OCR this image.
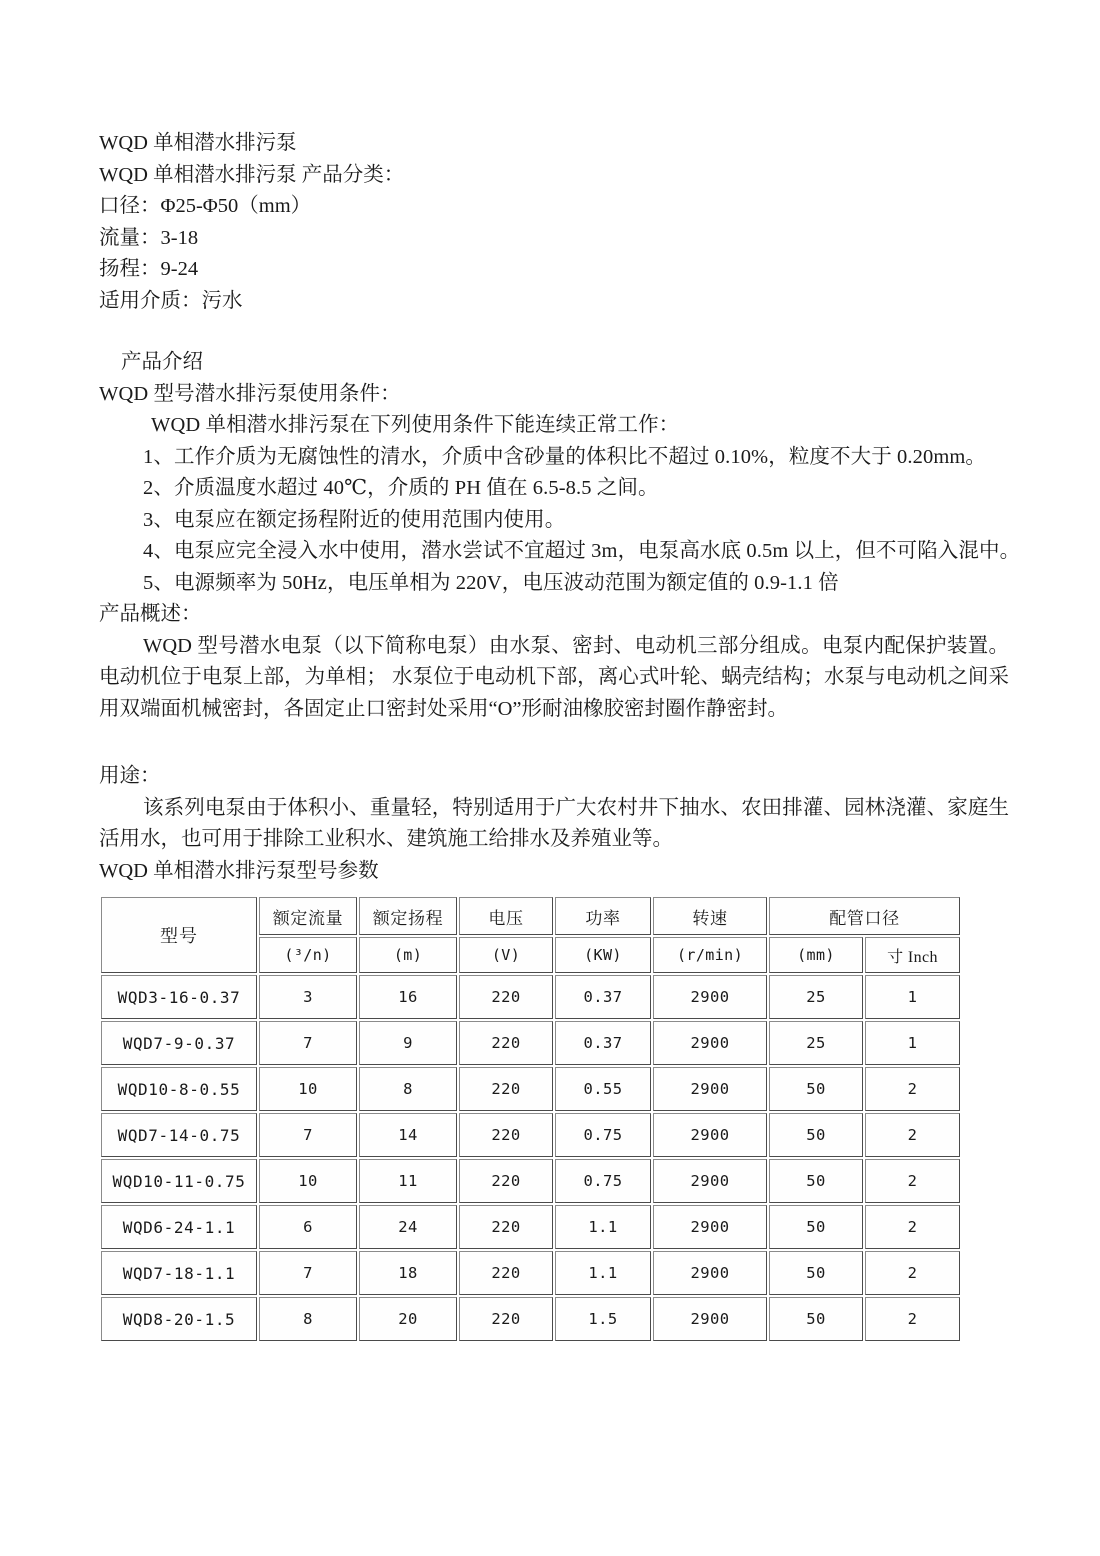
WQD 单相潜水排污泵
WQD 单相潜水排污泵 产品分类：
口径：Φ25-Φ50（mm）
流量：3-18
扬程：9-24
适用介质：污水
产品介绍
WQD 型号潜水排污泵使用条件：
WQD 单相潜水排污泵在下列使用条件下能连续正常工作：
1、工作介质为无腐蚀性的清水，介质中含砂量的体积比不超过 0.10%，粒度不大于 0.20mm。
2、介质温度水超过 40℃，介质的 PH 值在 6.5-8.5 之间。
3、电泵应在额定扬程附近的使用范围内使用。
4、电泵应完全浸入水中使用，潜水尝试不宜超过 3m，电泵高水底 0.5m 以上，但不可陷入混中。
5、电源频率为 50Hz，电压单相为 220V，电压波动范围为额定值的 0.9-1.1 倍
产品概述：

WQD 型号潜水电泵（以下简称电泵）由水泵、密封、电动机三部分组成。电泵内配保护装置。电动机位于电泵上部，为单相； 水泵位于电动机下部，离心式叶轮、蜗壳结构；水泵与电动机之间采用双端面机械密封，各固定止口密封处采用“O”形耐油橡胶密封圈作静密封。

用途：

该系列电泵由于体积小、重量轻，特别适用于广大农村井下抽水、农田排灌、园林浇灌、家庭生活用水，也可用于排除工业积水、建筑施工给排水及养殖业等。

WQD 单相潜水排污泵型号参数
型号	额定流量	额定扬程	电压	功率	转速	配管口径	
	(³/n)	(m)	(V)	(KW)	(r/min)	(mm)	寸 Inch
WQD3-16-0.37	3	16	220	0.37	2900	25	1
WQD7-9-0.37	7	9	220	0.37	2900	25	1
WQD10-8-0.55	10	8	220	0.55	2900	50	2
WQD7-14-0.75	7	14	220	0.75	2900	50	2
WQD10-11-0.75	10	11	220	0.75	2900	50	2
WQD6-24-1.1	6	24	220	1.1	2900	50	2
WQD7-18-1.1	7	18	220	1.1	2900	50	2
WQD8-20-1.5	8	20	220	1.5	2900	50	2
